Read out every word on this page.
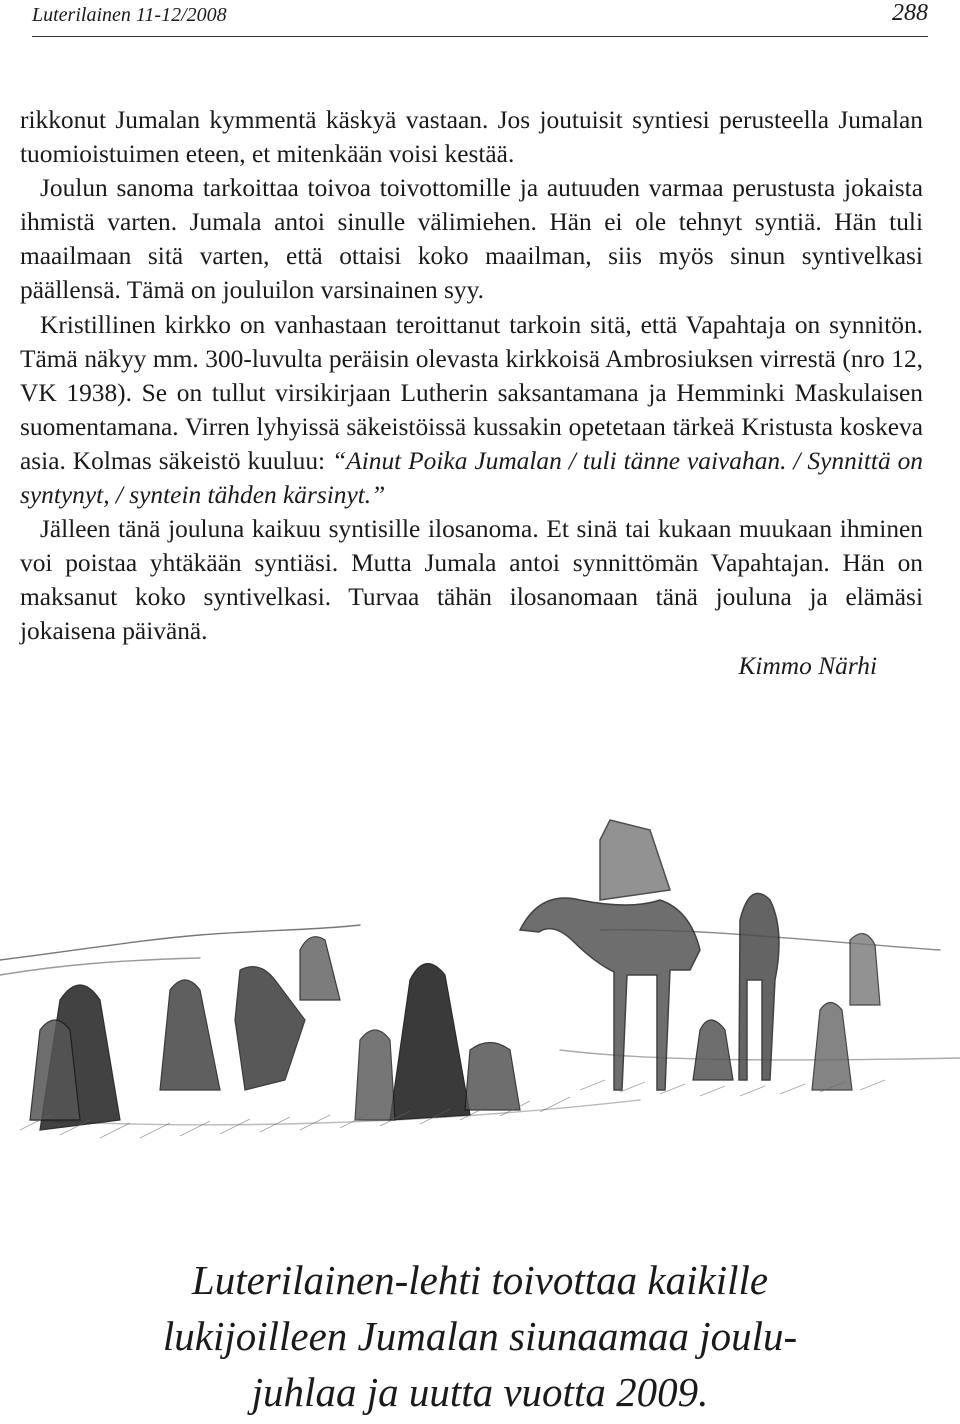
Luterilainen 11-12/2008	288

rikkonut Jumalan kymmentä käskyä vastaan. Jos joutuisit syntiesi perusteella Jumalan tuomioistuimen eteen, et mitenkään voisi kestää.

Joulun sanoma tarkoittaa toivoa toivottomille ja autuuden varmaa perustusta jokaista ihmistä varten. Jumala antoi sinulle välimiehen. Hän ei ole tehnyt syntiä. Hän tuli maailmaan sitä varten, että ottaisi koko maailman, siis myös sinun syntivelkasi päällensä. Tämä on jouluilon varsinainen syy.

Kristillinen kirkko on vanhastaan teroittanut tarkoin sitä, että Vapahtaja on synnitön. Tämä näkyy mm. 300-luvulta peräisin olevasta kirkkoisä Ambrosiuksen virrestä (nro 12, VK 1938). Se on tullut virsikirjaan Lutherin saksantamana ja Hemminki Maskulaisen suomentamana. Virren lyhyissä säkeistöissä kussakin opetetaan tärkeä Kristusta koskeva asia. Kolmas säkeistö kuuluu: “Ainut Poika Jumalan / tuli tänne vaivahan. / Synnittä on syntynyt, / syntein tähden kärsinyt.”

Jälleen tänä jouluna kaikuu syntisille ilosanoma. Et sinä tai kukaan muukaan ihminen voi poistaa yhtäkään syntiäsi. Mutta Jumala antoi synnittömän Vapahtajan. Hän on maksanut koko syntivelkasi. Turvaa tähän ilosanomaan tänä jouluna ja elämäsi jokaisena päivänä.

Kimmo Närhi

Luterilainen-lehti toivottaa kaikille
lukijoilleen Jumalan siunaamaa joulu-
juhlaa ja uutta vuotta 2009.
